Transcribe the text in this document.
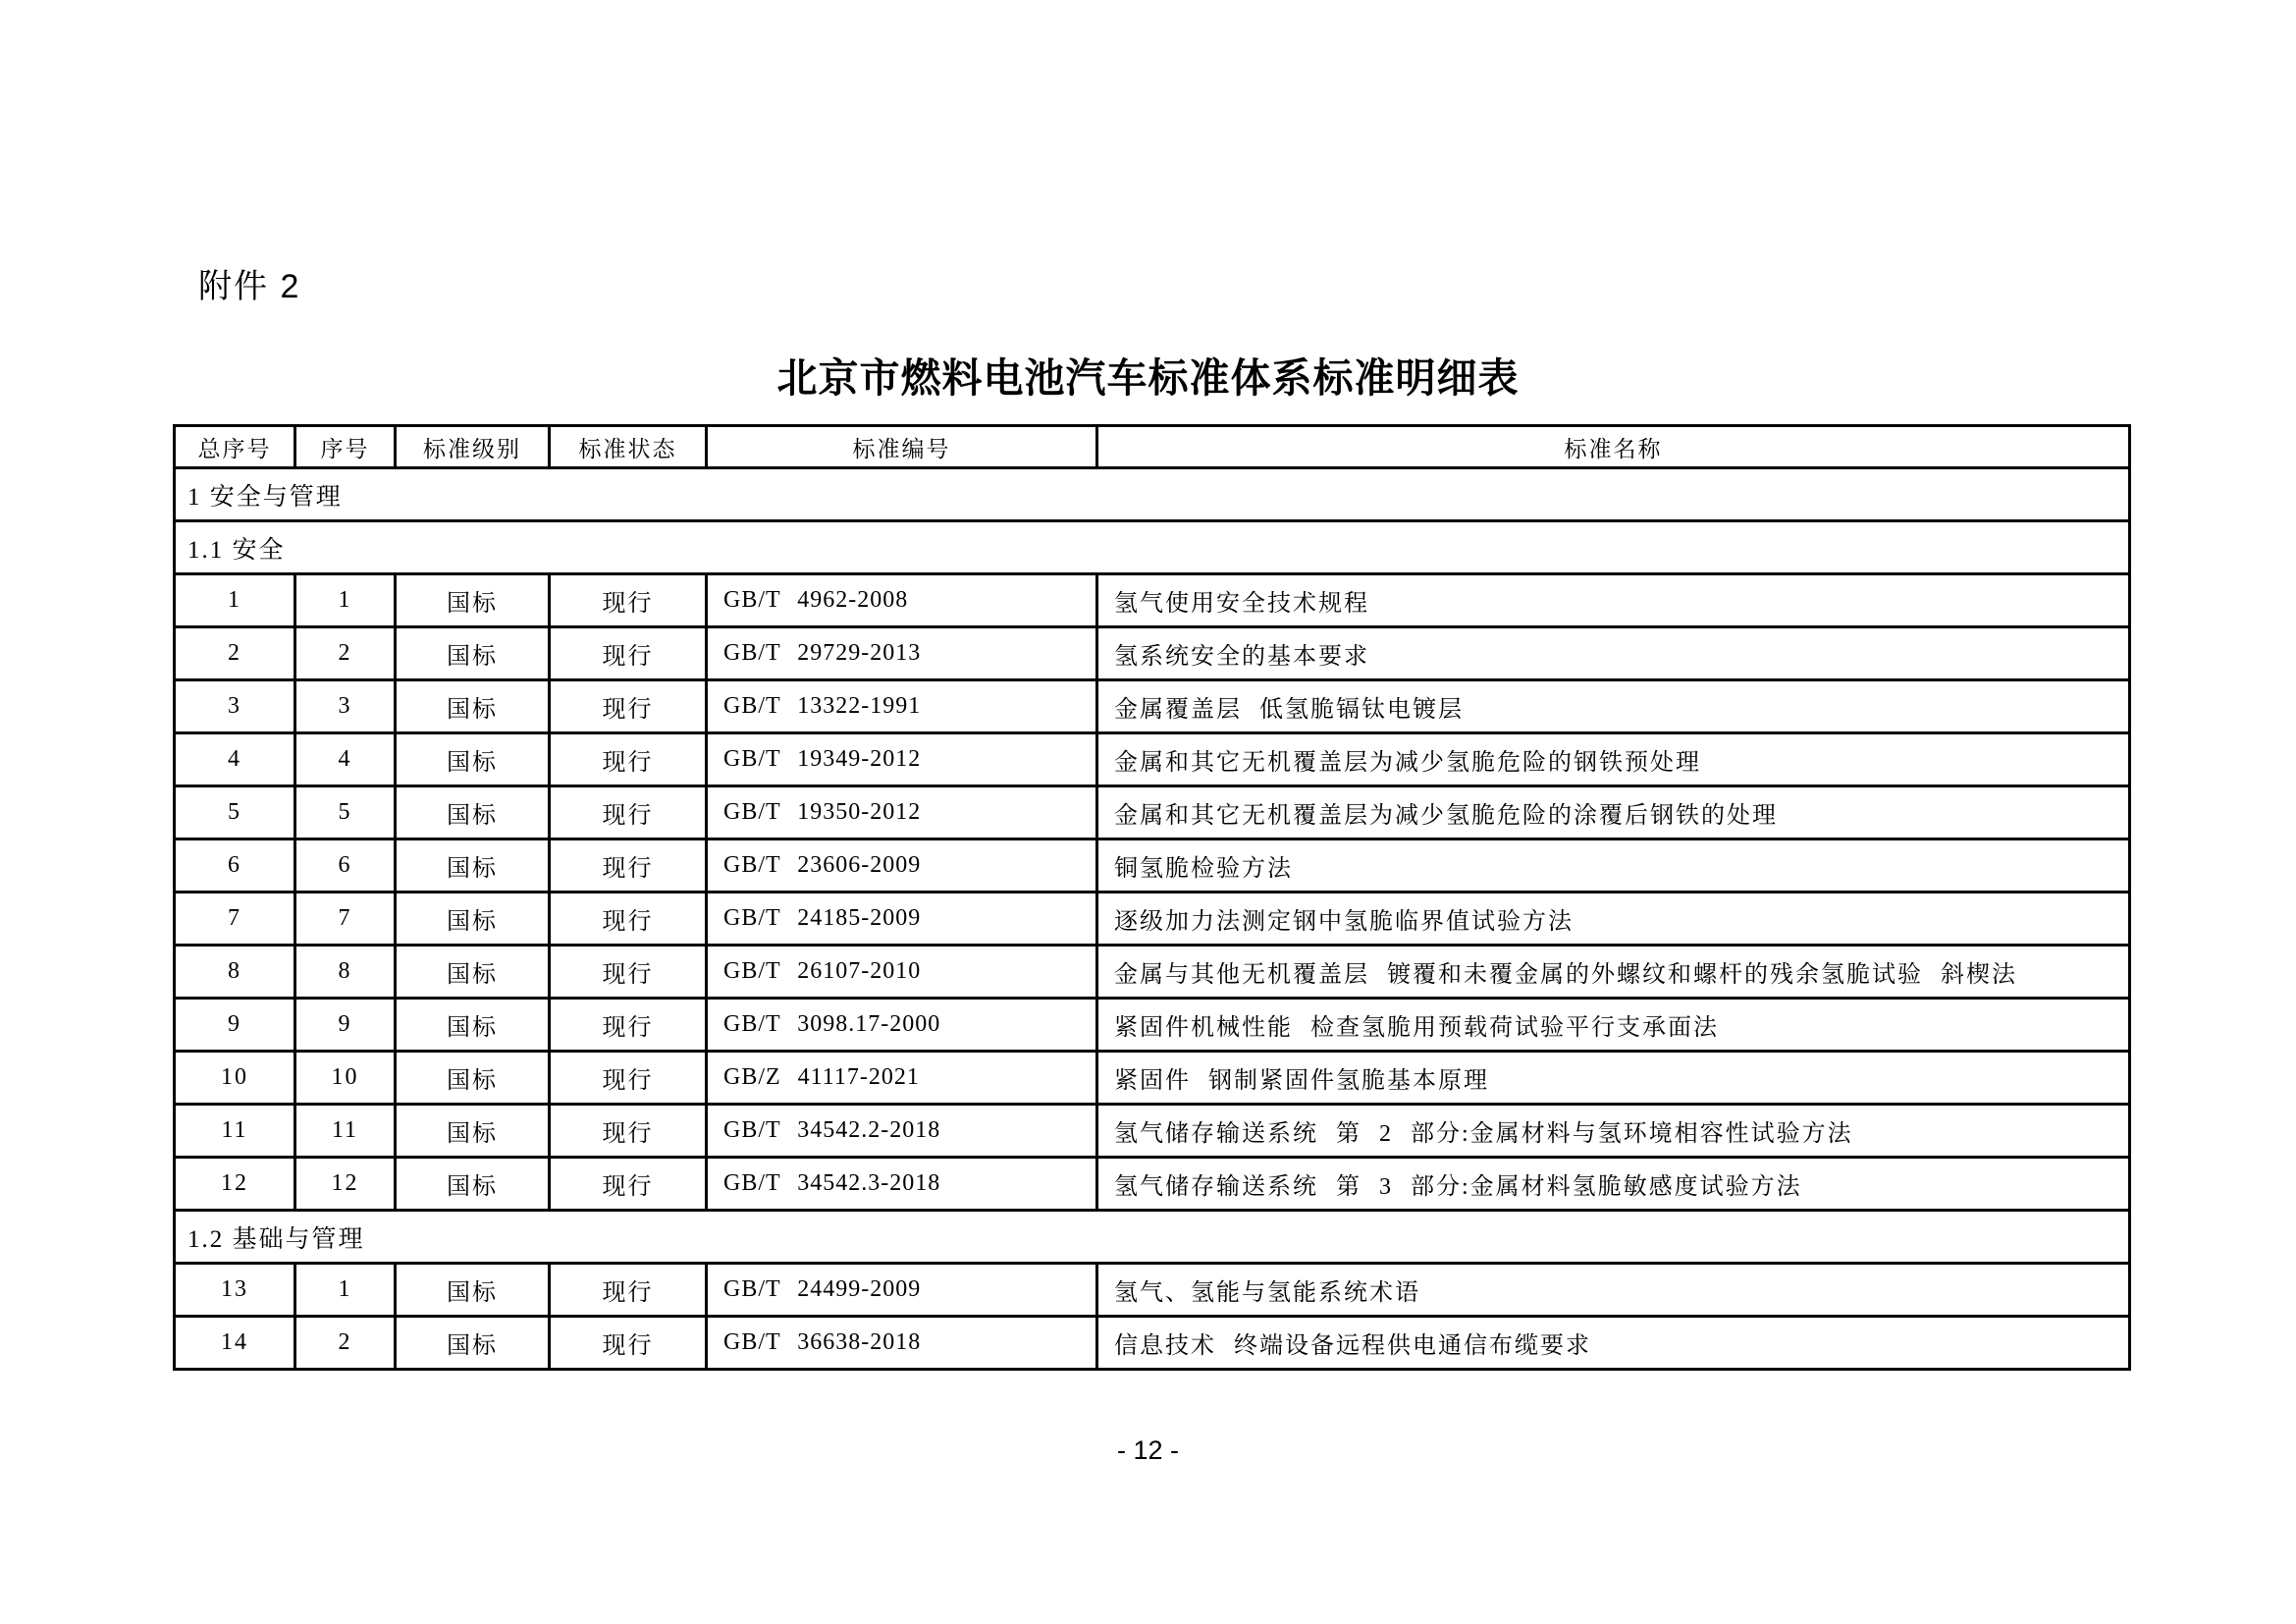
附件 2
北京市燃料电池汽车标准体系标准明细表
总序号	序号	标准级别	标准状态	标准编号	标准名称
1 安全与管理					
1.1 安全					
1	1	国标	现行	GB/T 4962-2008	氢气使用安全技术规程
2	2	国标	现行	GB/T 29729-2013	氢系统安全的基本要求
3	3	国标	现行	GB/T 13322-1991	金属覆盖层 低氢脆镉钛电镀层
4	4	国标	现行	GB/T 19349-2012	金属和其它无机覆盖层为减少氢脆危险的钢铁预处理
5	5	国标	现行	GB/T 19350-2012	金属和其它无机覆盖层为减少氢脆危险的涂覆后钢铁的处理
6	6	国标	现行	GB/T 23606-2009	铜氢脆检验方法
7	7	国标	现行	GB/T 24185-2009	逐级加力法测定钢中氢脆临界值试验方法
8	8	国标	现行	GB/T 26107-2010	金属与其他无机覆盖层 镀覆和未覆金属的外螺纹和螺杆的残余氢脆试验 斜楔法
9	9	国标	现行	GB/T 3098.17-2000	紧固件机械性能 检查氢脆用预载荷试验平行支承面法
10	10	国标	现行	GB/Z 41117-2021	紧固件 钢制紧固件氢脆基本原理
11	11	国标	现行	GB/T 34542.2-2018	氢气储存输送系统 第 2 部分:金属材料与氢环境相容性试验方法
12	12	国标	现行	GB/T 34542.3-2018	氢气储存输送系统 第 3 部分:金属材料氢脆敏感度试验方法
1.2 基础与管理					
13	1	国标	现行	GB/T 24499-2009	氢气、氢能与氢能系统术语
14	2	国标	现行	GB/T 36638-2018	信息技术 终端设备远程供电通信布缆要求
- 12 -
